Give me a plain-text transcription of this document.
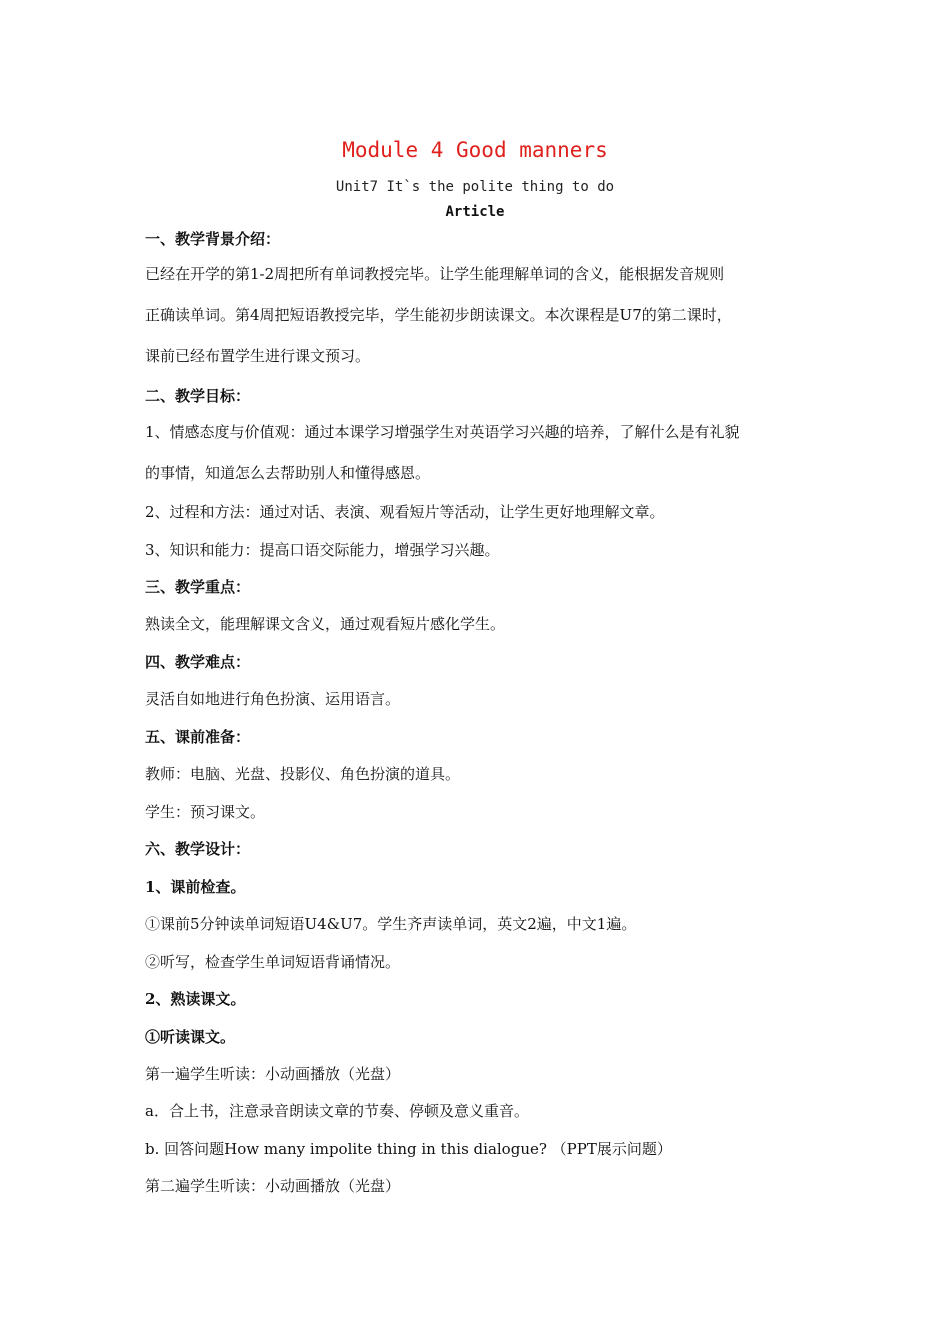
Module 4 Good manners
Unit7 It`s the polite thing to do
Article
一、教学背景介绍：
已经在开学的第1-2周把所有单词教授完毕。让学生能理解单词的含义，能根据发音规则
正确读单词。第4周把短语教授完毕，学生能初步朗读课文。本次课程是U7的第二课时，
课前已经布置学生进行课文预习。
二、教学目标：
1、情感态度与价值观：通过本课学习增强学生对英语学习兴趣的培养，了解什么是有礼貌
的事情，知道怎么去帮助别人和懂得感恩。
2、过程和方法：通过对话、表演、观看短片等活动，让学生更好地理解文章。
3、知识和能力：提高口语交际能力，增强学习兴趣。
三、教学重点：
熟读全文，能理解课文含义，通过观看短片感化学生。
四、教学难点：
灵活自如地进行角色扮演、运用语言。
五、课前准备：
教师：电脑、光盘、投影仪、角色扮演的道具。
学生：预习课文。
六、教学设计：
1、课前检查。
①课前5分钟读单词短语U4&U7。学生齐声读单词，英文2遍，中文1遍。
②听写，检查学生单词短语背诵情况。
2、熟读课文。
①听读课文。
第一遍学生听读：小动画播放（光盘）
a．合上书，注意录音朗读文章的节奏、停顿及意义重音。
b. 回答问题How many impolite thing in this dialogue? （PPT展示问题）
第二遍学生听读：小动画播放（光盘）
